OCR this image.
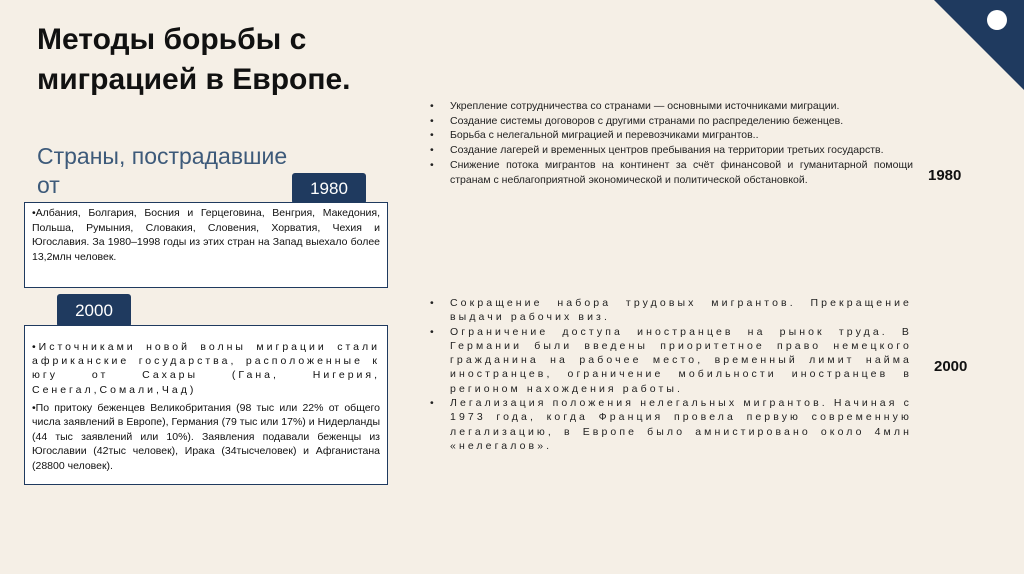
Методы борьбы с миграцией в Европе.
Страны, пострадавшие от	1980

•Албания, Болгария, Босния и Герцеговина, Венгрия, Македония, Польша, Румыния, Словакия, Словения, Хорватия, Чехия и Югославия. За 1980–1998 годы из этих стран на Запад выехало более 13,2млн человек.

2000

•Источниками новой волны миграции стали африканские государства, расположенные к югу от Сахары (Гана, Нигерия, Сенегал,Сомали,Чад)

•По притоку беженцев Великобритания (98 тыс или 22% от общего числа заявлений в Европе), Германия (79 тыс или 17%) и Нидерланды (44 тыс заявлений или 10%). Заявления подавали беженцы из Югославии (42тыс человек), Ирака (34тысчеловек) и Афганистана (28800 человек).

• Укрепление сотрудничества со странами — основными источниками миграции.
• Создание системы договоров с другими странами по распределению беженцев.
• Борьба с нелегальной миграцией и перевозчиками мигрантов..
• Создание лагерей и временных центров пребывания на территории третьих государств.
• Снижение потока мигрантов на континент за счёт финансовой и гуманитарной помощи странам с неблагоприятной экономической и политической обстановкой.	1980
• Сокращение набора трудовых мигрантов. Прекращение выдачи рабочих виз.
• Ограничение доступа иностранцев на рынок труда. В Германии были введены приоритетное право немецкого гражданина на рабочее место, временный лимит найма иностранцев, ограничение мобильности иностранцев в регионом нахождения работы.
• Легализация положения нелегальных мигрантов. Начиная с 1973 года, когда Франция провела первую современную легализацию, в Европе было амнистировано около 4млн «нелегалов».
2000
